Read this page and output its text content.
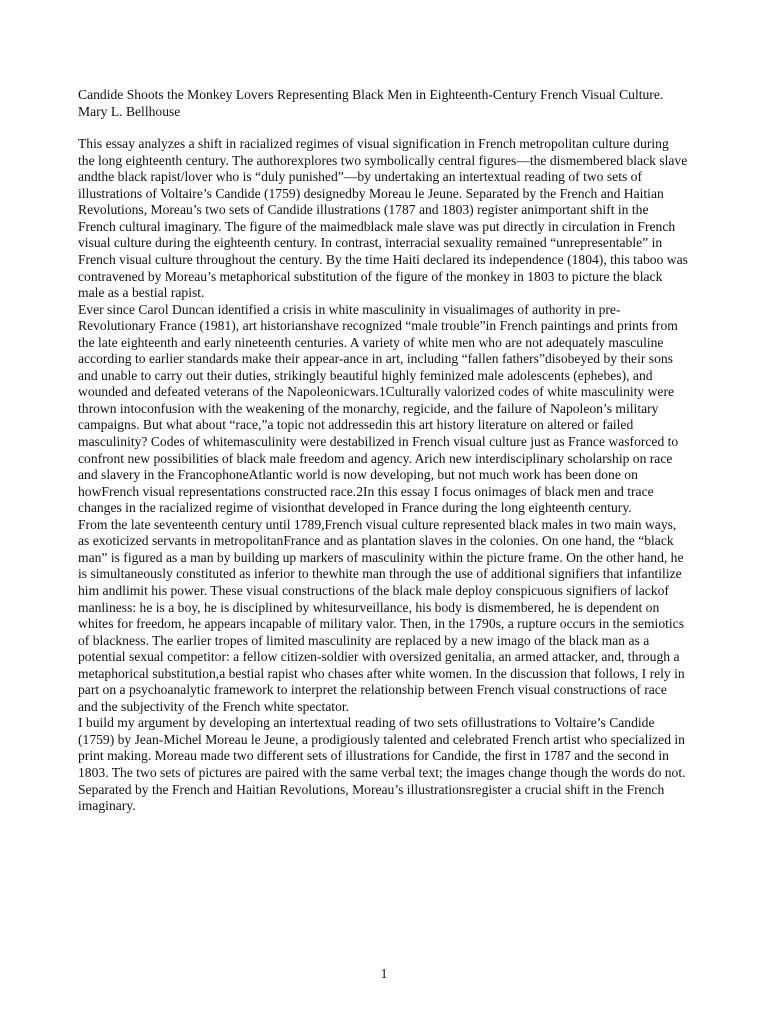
Candide Shoots the Monkey Lovers Representing Black Men in Eighteenth-Century French Visual Culture. Mary L. Bellhouse

This essay analyzes a shift in racialized regimes of visual signification in French metropolitan culture during the long eighteenth century. The authorexplores two symbolically central figures—the dismembered black slave andthe black rapist/lover who is “duly punished”—by undertaking an intertextual reading of two sets of illustrations of Voltaire’s Candide (1759) designedby Moreau le Jeune. Separated by the French and Haitian Revolutions, Moreau’s two sets of Candide illustrations (1787 and 1803) register animportant shift in the French cultural imaginary. The figure of the maimedblack male slave was put directly in circulation in French visual culture during the eighteenth century. In contrast, interracial sexuality remained “unrepresentable” in French visual culture throughout the century. By the time Haiti declared its independence (1804), this taboo was contravened by Moreau’s metaphorical substitution of the figure of the monkey in 1803 to picture the black male as a bestial rapist.

Ever since Carol Duncan identified a crisis in white masculinity in visualimages of authority in pre-Revolutionary France (1981), art historianshave recognized “male trouble”in French paintings and prints from the late eighteenth and early nineteenth centuries. A variety of white men who are not adequately masculine according to earlier standards make their appear-ance in art, including “fallen fathers”disobeyed by their sons and unable to carry out their duties, strikingly beautiful highly feminized male adolescents (ephebes), and wounded and defeated veterans of the Napoleonicwars.1Culturally valorized codes of white masculinity were thrown intoconfusion with the weakening of the monarchy, regicide, and the failure of Napoleon’s military campaigns. But what about “race,”a topic not addressedin this art history literature on altered or failed masculinity? Codes of whitemasculinity were destabilized in French visual culture just as France wasforced to confront new possibilities of black male freedom and agency. Arich new interdisciplinary scholarship on race and slavery in the FrancophoneAtlantic world is now developing, but not much work has been done on howFrench visual representations constructed race.2In this essay I focus onimages of black men and trace changes in the racialized regime of visionthat developed in France during the long eighteenth century.

From the late seventeenth century until 1789,French visual culture represented black males in two main ways, as exoticized servants in metropolitanFrance and as plantation slaves in the colonies. On one hand, the “black man” is figured as a man by building up markers of masculinity within the picture frame. On the other hand, he is simultaneously constituted as inferior to thewhite man through the use of additional signifiers that infantilize him andlimit his power. These visual constructions of the black male deploy conspicuous signifiers of lackof manliness: he is a boy, he is disciplined by whitesurveillance, his body is dismembered, he is dependent on whites for freedom, he appears incapable of military valor. Then, in the 1790s, a rupture occurs in the semiotics of blackness. The earlier tropes of limited masculinity are replaced by a new imago of the black man as a potential sexual competitor: a fellow citizen-soldier with oversized genitalia, an armed attacker, and, through a metaphorical substitution,a bestial rapist who chases after white women. In the discussion that follows, I rely in part on a psychoanalytic framework to interpret the relationship between French visual constructions of race and the subjectivity of the French white spectator.

I build my argument by developing an intertextual reading of two sets ofillustrations to Voltaire’s Candide (1759) by Jean-Michel Moreau le Jeune, a prodigiously talented and celebrated French artist who specialized in print making. Moreau made two different sets of illustrations for Candide, the first in 1787 and the second in 1803. The two sets of pictures are paired with the same verbal text; the images change though the words do not. Separated by the French and Haitian Revolutions, Moreau’s illustrationsregister a crucial shift in the French imaginary.

1
